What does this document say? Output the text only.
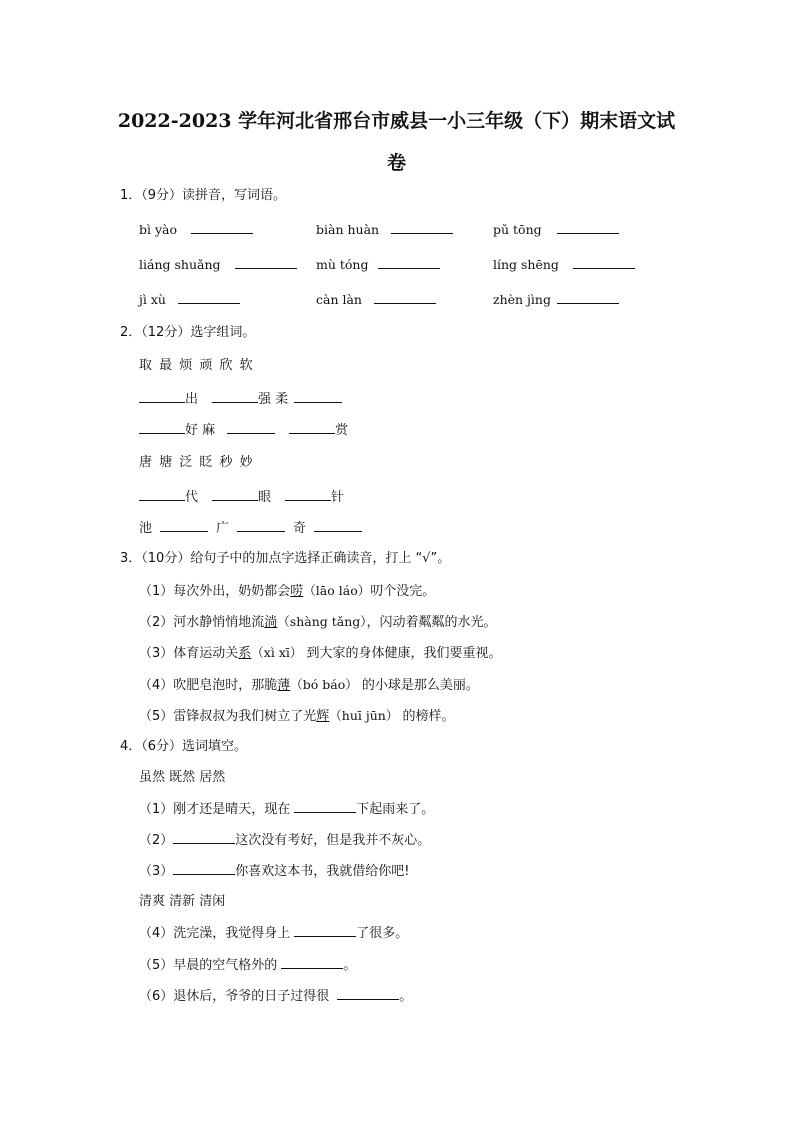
2022-2023 学年河北省邢台市威县一小三年级（下）期末语文试
卷
1．（9分）读拼音，写词语。
bì yào	biàn huàn	pǔ tōng
liáng shuǎng	mù tóng	líng shēng
jì xù	càn làn	zhèn jìng
2．（12分）选字组词。
取 最 烦 顽 欣 软
出	强 柔
好 麻	赏
唐 塘 泛 眨 秒 妙
代	眼	针
池	广	奇
3．（10分）给句子中的加点字选择正确读音，打上 “√”。
（1）每次外出，奶奶都会唠（lāo láo）叨个没完。
（2）河水静悄悄地流淌（shàng tǎng），闪动着粼粼的水光。
（3）体育运动关系（xì xī） 到大家的身体健康，我们要重视。
（4）吹肥皂泡时，那脆薄（bó báo） 的小球是那么美丽。
（5）雷锋叔叔为我们树立了光辉（huī jūn） 的榜样。
4．（6分）选词填空。
虽然 既然 居然
（1）刚才还是晴天，现在	下起雨来了。
（2）	这次没有考好，但是我并不灰心。
（3）	你喜欢这本书，我就借给你吧!
清爽 清新 清闲
（4）洗完澡，我觉得身上	了很多。
（5）早晨的空气格外的	。
（6）退休后，爷爷的日子过得很	。
